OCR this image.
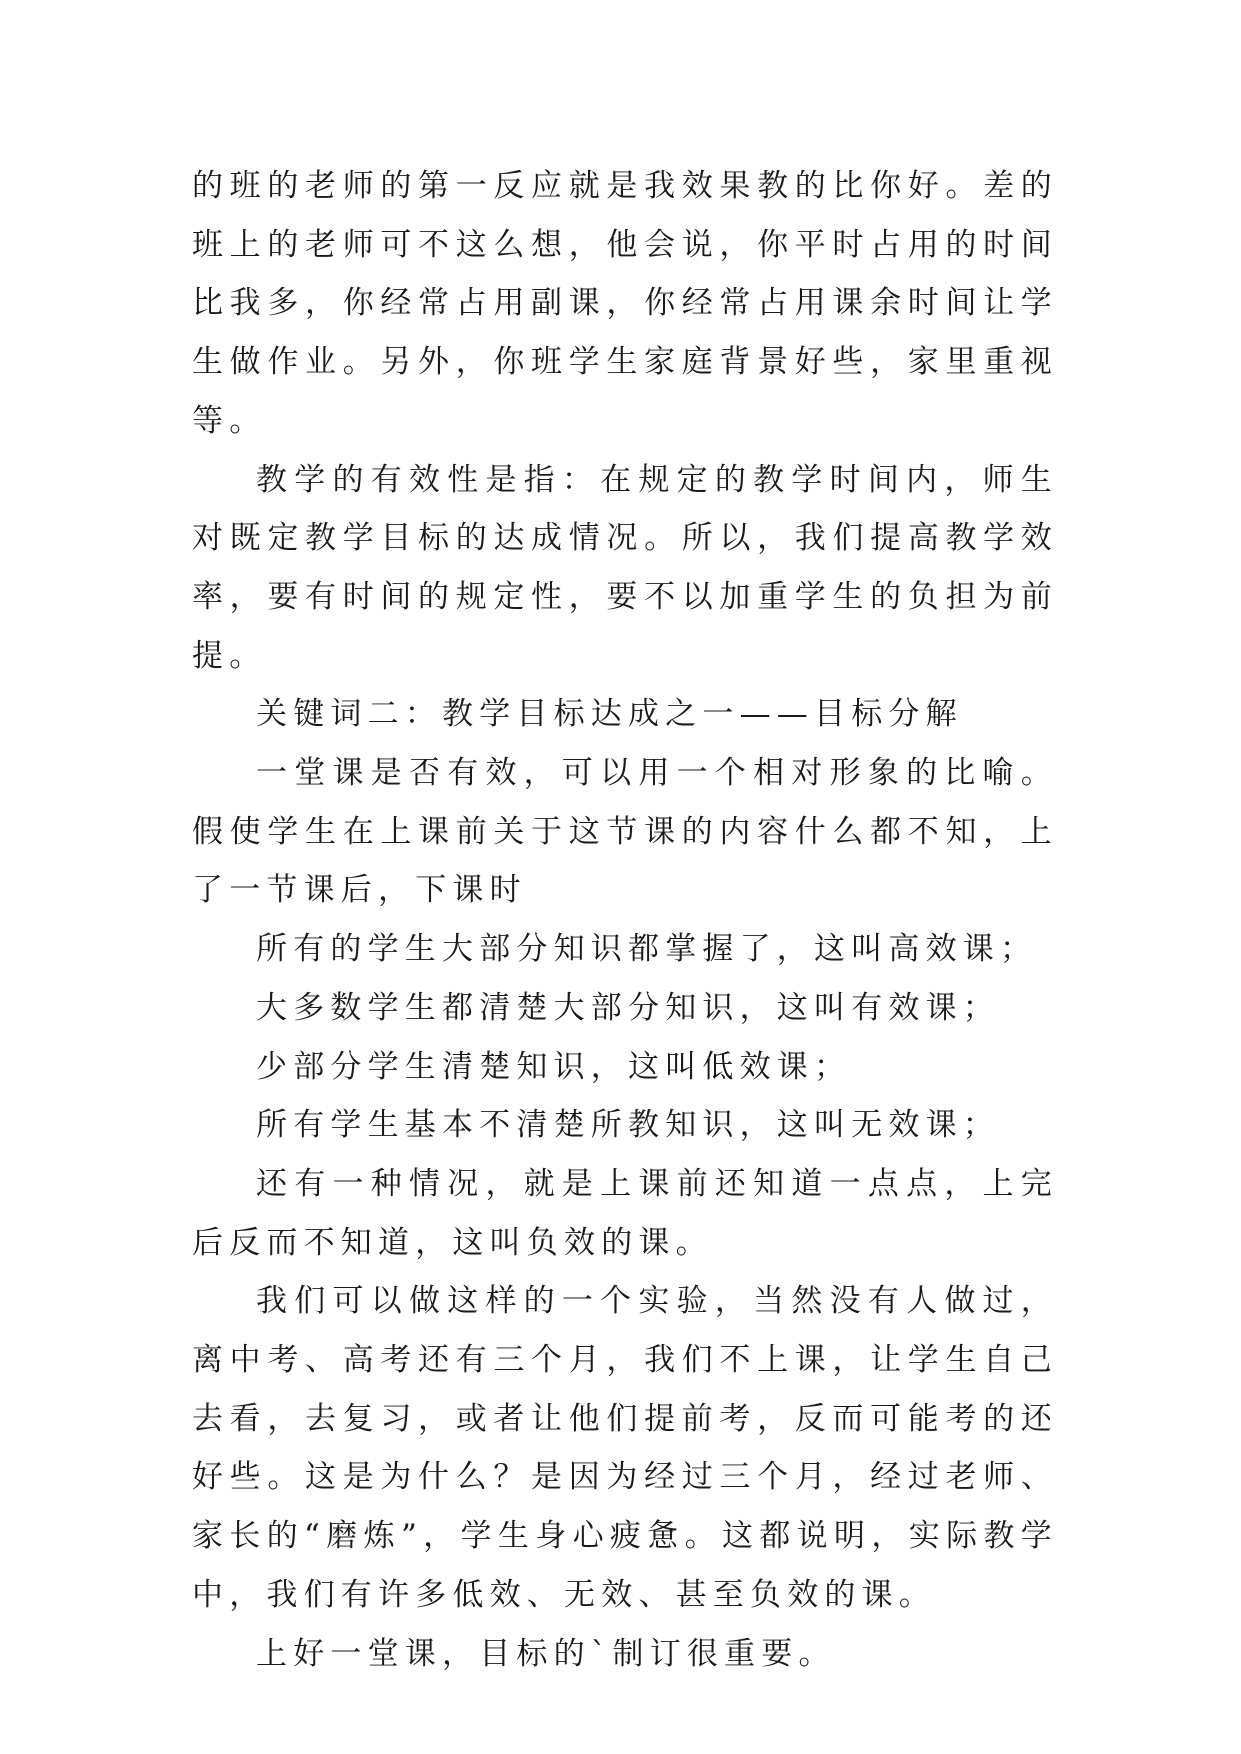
的班的老师的第一反应就是我效果教的比你好。差的班上的老师可不这么想，他会说，你平时占用的时间比我多，你经常占用副课，你经常占用课余时间让学生做作业。另外，你班学生家庭背景好些，家里重视等。

教学的有效性是指：在规定的教学时间内，师生对既定教学目标的达成情况。所以，我们提高教学效率，要有时间的规定性，要不以加重学生的负担为前提。

关键词二：教学目标达成之一——目标分解

一堂课是否有效，可以用一个相对形象的比喻。假使学生在上课前关于这节课的内容什么都不知，上了一节课后，下课时

所有的学生大部分知识都掌握了，这叫高效课；

大多数学生都清楚大部分知识，这叫有效课；

少部分学生清楚知识，这叫低效课；

所有学生基本不清楚所教知识，这叫无效课；

还有一种情况，就是上课前还知道一点点，上完后反而不知道，这叫负效的课。

我们可以做这样的一个实验，当然没有人做过，离中考、高考还有三个月，我们不上课，让学生自己去看，去复习，或者让他们提前考，反而可能考的还好些。这是为什么？是因为经过三个月，经过老师、家长的“磨炼”，学生身心疲惫。这都说明，实际教学中，我们有许多低效、无效、甚至负效的课。

上好一堂课，目标的`制订很重要。
